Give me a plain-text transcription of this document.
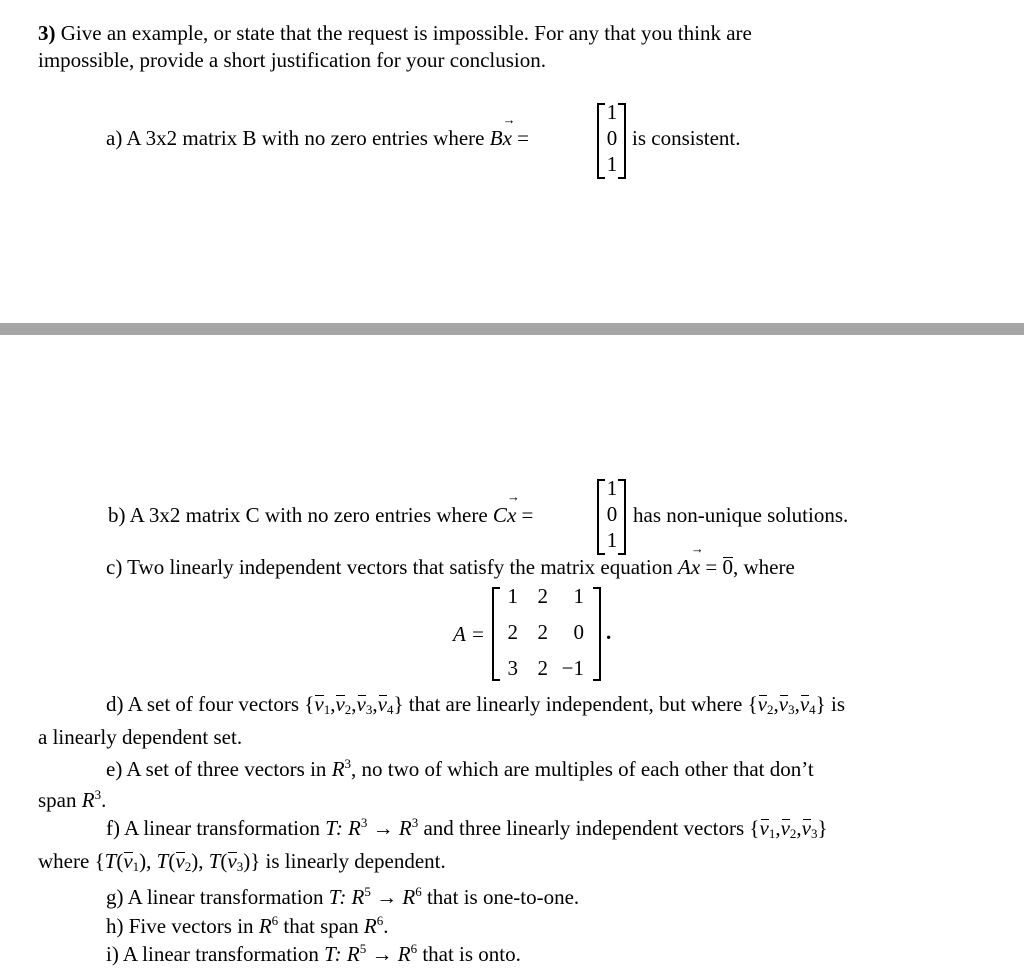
3) Give an example, or state that the request is impossible. For any that you think are
impossible, provide a short justification for your conclusion.
a) A 3x2 matrix B with no zero entries where Bx → =
1
0
1
is consistent.
b) A 3x2 matrix C with no zero entries where Cx → =
1
0
1
has non-unique solutions.
c) Two linearly independent vectors that satisfy the matrix equation Ax → = 0, where
A =
1 2	1
2 2	0
3 2 −1
.
d) A set of four vectors $\{v_1,v_2,v_3,v_4\}$ that are linearly independent, but where $\{v_2,v_3,v_4\}$ is
a linearly dependent set.
e) A set of three vectors in $R^3$, no two of which are multiples of each other that don’t
span $R^3$.
f) A linear transformation T: $R^3 \to R^3$ and three linearly independent vectors $\{v_1,v_2,v_3\}$
where {$T(v_1)$, $T(v_2)$, $T(v_3)$} is linearly dependent.
g) A linear transformation T: $R^5 \to R^6$ that is one-to-one.
h) Five vectors in $R^6$ that span $R^6$.
i) A linear transformation T: $R^5 \to R^6$ that is onto.
